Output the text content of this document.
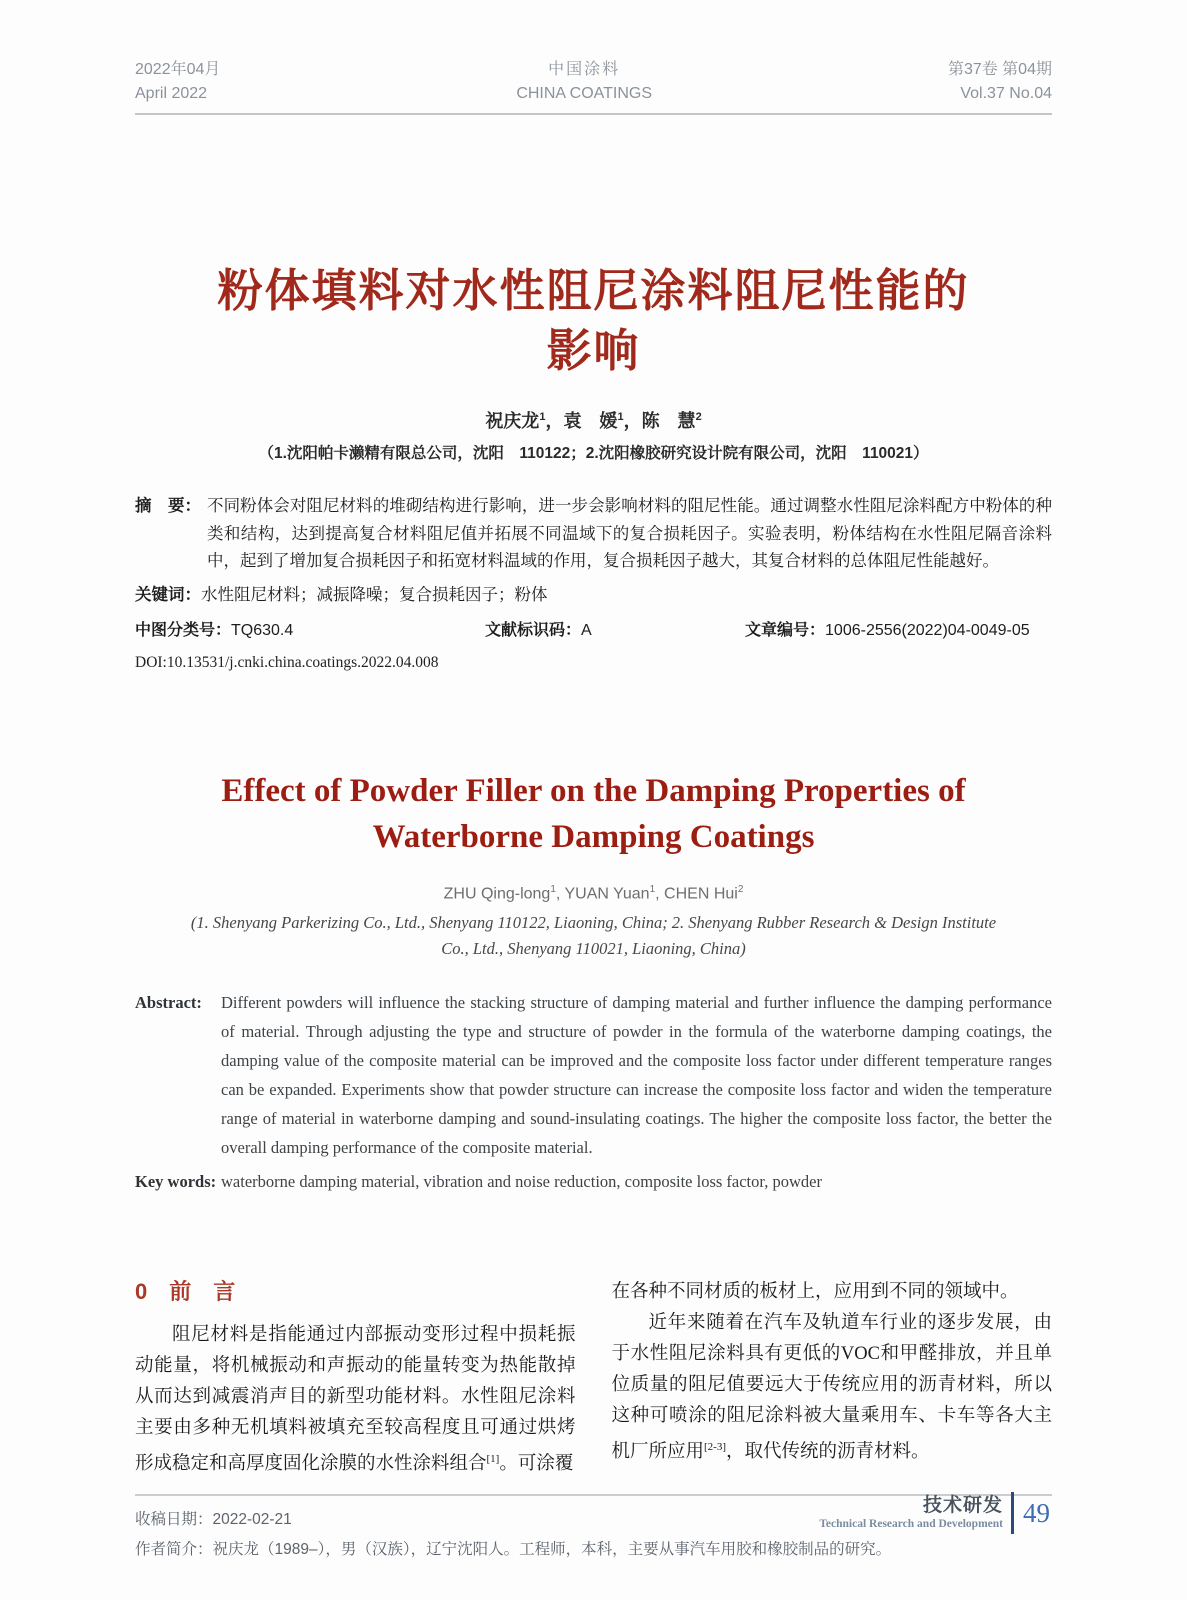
2022年04月
April 2022
中国涂料
CHINA COATINGS
第37卷 第04期
Vol.37 No.04
粉体填料对水性阻尼涂料阻尼性能的
影响
祝庆龙$^1$，袁　媛$^1$，陈　慧$^2$
（1.沈阳帕卡濑精有限总公司，沈阳　110122；2.沈阳橡胶研究设计院有限公司，沈阳　110021）
摘　要： 不同粉体会对阻尼材料的堆砌结构进行影响，进一步会影响材料的阻尼性能。通过调整水性阻尼涂料配方中粉体的种类和结构，达到提高复合材料阻尼值并拓展不同温域下的复合损耗因子。实验表明，粉体结构在水性阻尼隔音涂料中，起到了增加复合损耗因子和拓宽材料温域的作用，复合损耗因子越大，其复合材料的总体阻尼性能越好。
关键词：水性阻尼材料；减振降噪；复合损耗因子；粉体
中图分类号：TQ630.4	文献标识码：A	文章编号：1006-2556(2022)04-0049-05
DOI:10.13531/j.cnki.china.coatings.2022.04.008
Effect of Powder Filler on the Damping Properties of
Waterborne Damping Coatings
ZHU Qing-long$^1$, YUAN Yuan$^1$, CHEN Hui$^2$
(1. Shenyang Parkerizing Co., Ltd., Shenyang 110122, Liaoning, China; 2. Shenyang Rubber Research & Design Institute
Co., Ltd., Shenyang 110021, Liaoning, China)
Abstract:	Different powders will influence the stacking structure of damping material and further influence the damping performance of material. Through adjusting the type and structure of powder in the formula of the waterborne damping coatings, the damping value of the composite material can be improved and the composite loss factor under different temperature ranges can be expanded. Experiments show that powder structure can increase the composite loss factor and widen the temperature range of material in waterborne damping and sound-insulating coatings. The higher the composite loss factor, the better the overall damping performance of the composite material.
Key words: waterborne damping material, vibration and noise reduction, composite loss factor, powder
0　前　言

阻尼材料是指能通过内部振动变形过程中损耗振动能量，将机械振动和声振动的能量转变为热能散掉从而达到减震消声目的新型功能材料。水性阻尼涂料主要由多种无机填料被填充至较高程度且可通过烘烤形成稳定和高厚度固化涂膜的水性涂料组合[1]。可涂覆

在各种不同材质的板材上，应用到不同的领域中。

近年来随着在汽车及轨道车行业的逐步发展，由于水性阻尼涂料具有更低的VOC和甲醛排放，并且单位质量的阻尼值要远大于传统应用的沥青材料，所以这种可喷涂的阻尼涂料被大量乘用车、卡车等各大主机厂所应用[2-3]，取代传统的沥青材料。

收稿日期：2022-02-21
作者简介：祝庆龙（1989–），男（汉族），辽宁沈阳人。工程师，本科，主要从事汽车用胶和橡胶制品的研究。
技术研发
Technical Research and Development 49
